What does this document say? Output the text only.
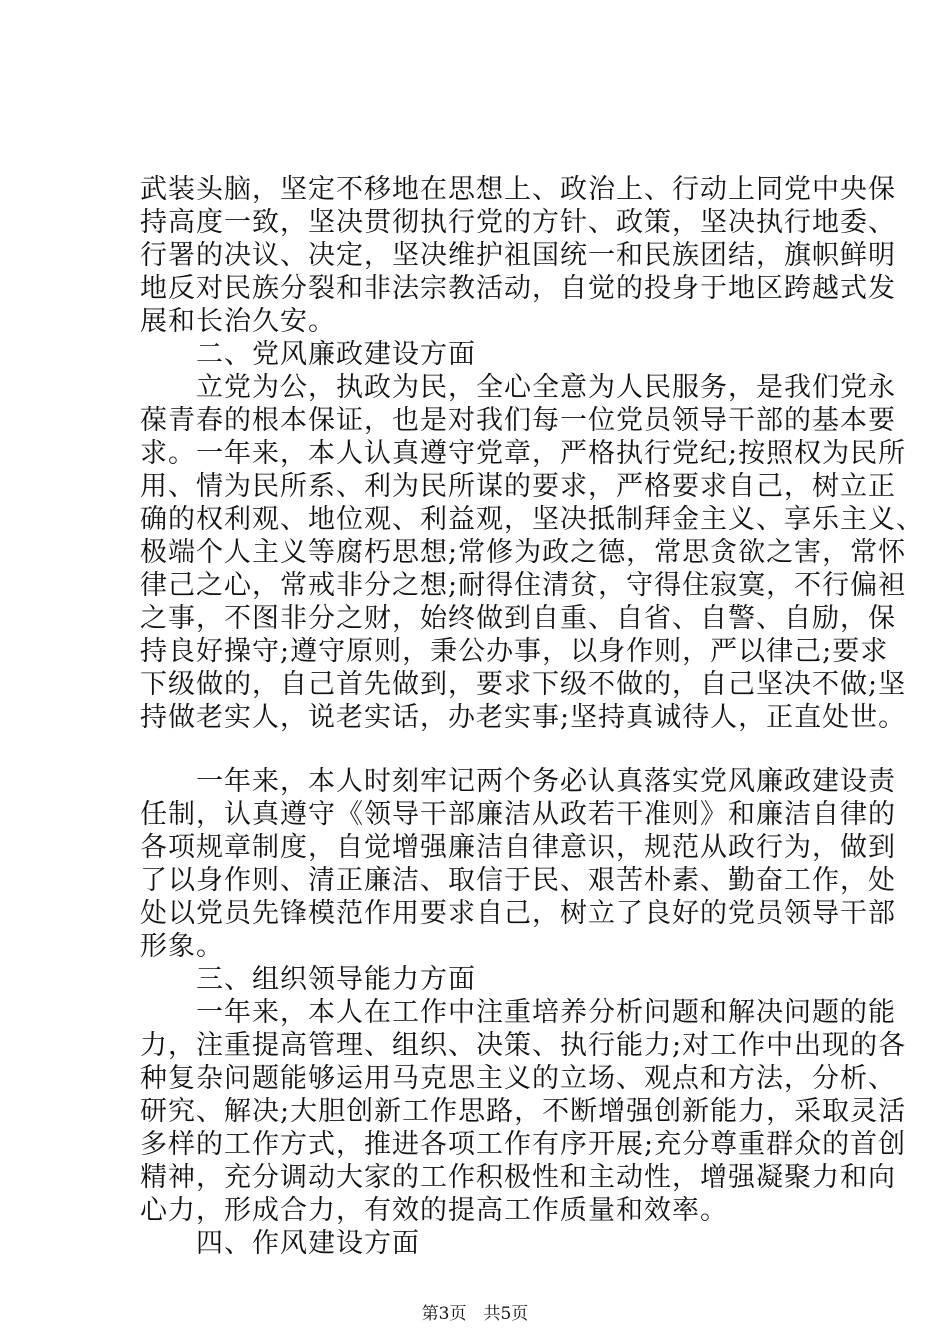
武装头脑，坚定不移地在思想上、政治上、行动上同党中央保
持高度一致，坚决贯彻执行党的方针、政策，坚决执行地委、
行署的决议、决定，坚决维护祖国统一和民族团结，旗帜鲜明
地反对民族分裂和非法宗教活动，自觉的投身于地区跨越式发
展和长治久安。
　　二、党风廉政建设方面
　　立党为公，执政为民，全心全意为人民服务，是我们党永
葆青春的根本保证，也是对我们每一位党员领导干部的基本要
求。一年来，本人认真遵守党章，严格执行党纪;按照权为民所
用、情为民所系、利为民所谋的要求，严格要求自己，树立正
确的权利观、地位观、利益观，坚决抵制拜金主义、享乐主义、
极端个人主义等腐朽思想;常修为政之德，常思贪欲之害，常怀
律己之心，常戒非分之想;耐得住清贫，守得住寂寞，不行偏袒
之事，不图非分之财，始终做到自重、自省、自警、自励，保
持良好操守;遵守原则，秉公办事，以身作则，严以律己;要求
下级做的，自己首先做到，要求下级不做的，自己坚决不做;坚
持做老实人，说老实话，办老实事;坚持真诚待人，正直处世。
　　一年来，本人时刻牢记两个务必认真落实党风廉政建设责
任制，认真遵守《领导干部廉洁从政若干准则》和廉洁自律的
各项规章制度，自觉增强廉洁自律意识，规范从政行为，做到
了以身作则、清正廉洁、取信于民、艰苦朴素、勤奋工作，处
处以党员先锋模范作用要求自己，树立了良好的党员领导干部
形象。
　　三、组织领导能力方面
　　一年来，本人在工作中注重培养分析问题和解决问题的能
力，注重提高管理、组织、决策、执行能力;对工作中出现的各
种复杂问题能够运用马克思主义的立场、观点和方法，分析、
研究、解决;大胆创新工作思路，不断增强创新能力，采取灵活
多样的工作方式，推进各项工作有序开展;充分尊重群众的首创
精神，充分调动大家的工作积极性和主动性，增强凝聚力和向
心力，形成合力，有效的提高工作质量和效率。
　　四、作风建设方面
第3页　共5页
